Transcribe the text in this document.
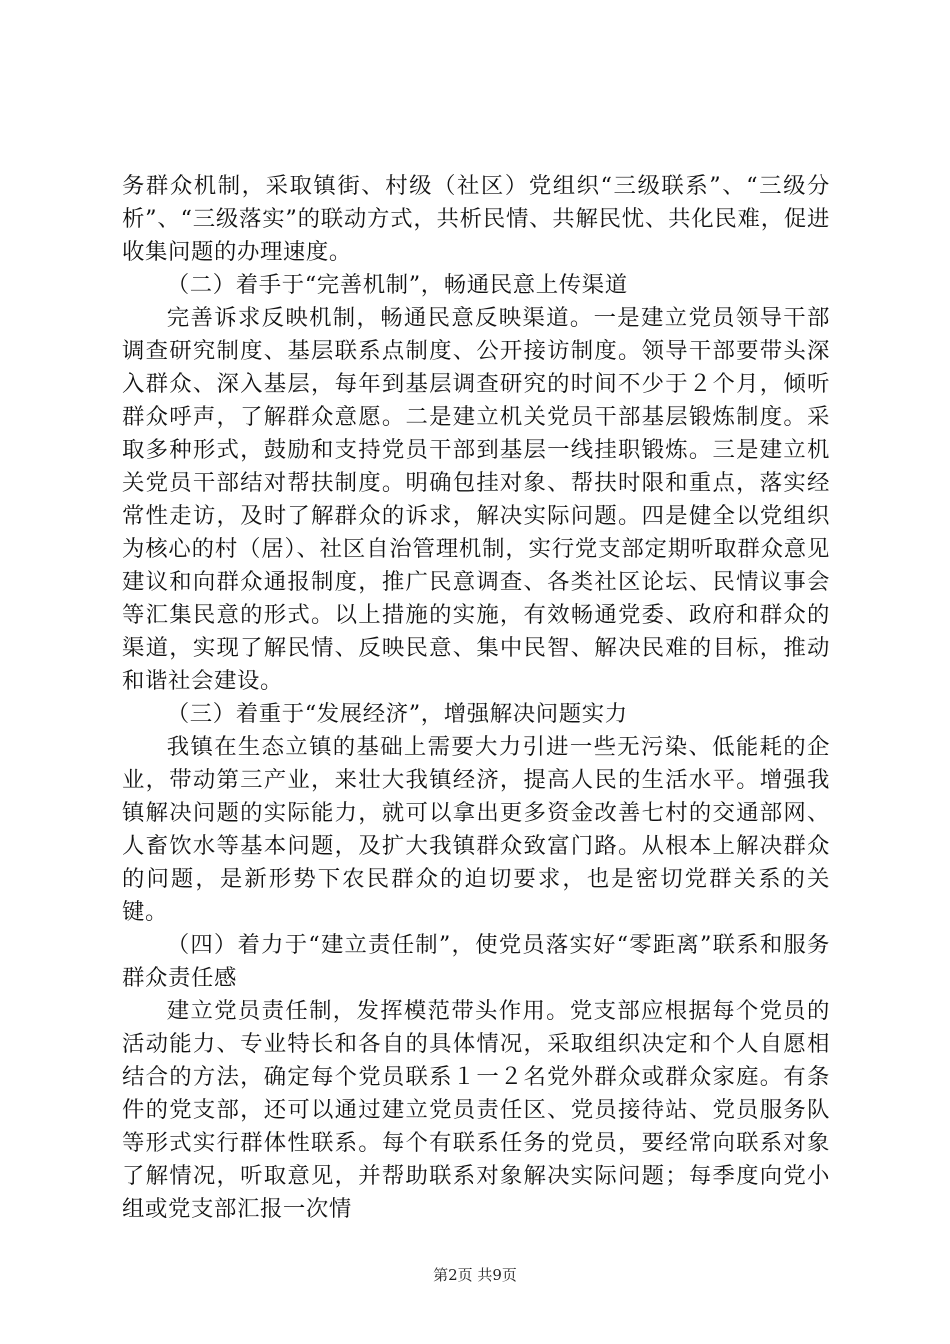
务群众机制，采取镇街、村级（社区）党组织“三级联系”、“三级分析”、“三级落实”的联动方式，共析民情、共解民忧、共化民难，促进收集问题的办理速度。

（二）着手于“完善机制”，畅通民意上传渠道

完善诉求反映机制，畅通民意反映渠道。一是建立党员领导干部调查研究制度、基层联系点制度、公开接访制度。领导干部要带头深入群众、深入基层，每年到基层调查研究的时间不少于２个月，倾听群众呼声，了解群众意愿。二是建立机关党员干部基层锻炼制度。采取多种形式，鼓励和支持党员干部到基层一线挂职锻炼。三是建立机关党员干部结对帮扶制度。明确包挂对象、帮扶时限和重点，落实经常性走访，及时了解群众的诉求，解决实际问题。四是健全以党组织为核心的村（居）、社区自治管理机制，实行党支部定期听取群众意见建议和向群众通报制度，推广民意调查、各类社区论坛、民情议事会等汇集民意的形式。以上措施的实施，有效畅通党委、政府和群众的渠道，实现了解民情、反映民意、集中民智、解决民难的目标，推动和谐社会建设。

（三）着重于“发展经济”，增强解决问题实力

我镇在生态立镇的基础上需要大力引进一些无污染、低能耗的企业，带动第三产业，来壮大我镇经济，提高人民的生活水平。增强我镇解决问题的实际能力，就可以拿出更多资金改善七村的交通部网、人畜饮水等基本问题，及扩大我镇群众致富门路。从根本上解决群众的问题，是新形势下农民群众的迫切要求，也是密切党群关系的关键。

（四）着力于“建立责任制”，使党员落实好“零距离”联系和服务群众责任感

建立党员责任制，发挥模范带头作用。党支部应根据每个党员的活动能力、专业特长和各自的具体情况，采取组织决定和个人自愿相结合的方法，确定每个党员联系１一２名党外群众或群众家庭。有条件的党支部，还可以通过建立党员责任区、党员接待站、党员服务队等形式实行群体性联系。每个有联系任务的党员，要经常向联系对象了解情况，听取意见，并帮助联系对象解决实际问题；每季度向党小组或党支部汇报一次情

第2页 共9页
